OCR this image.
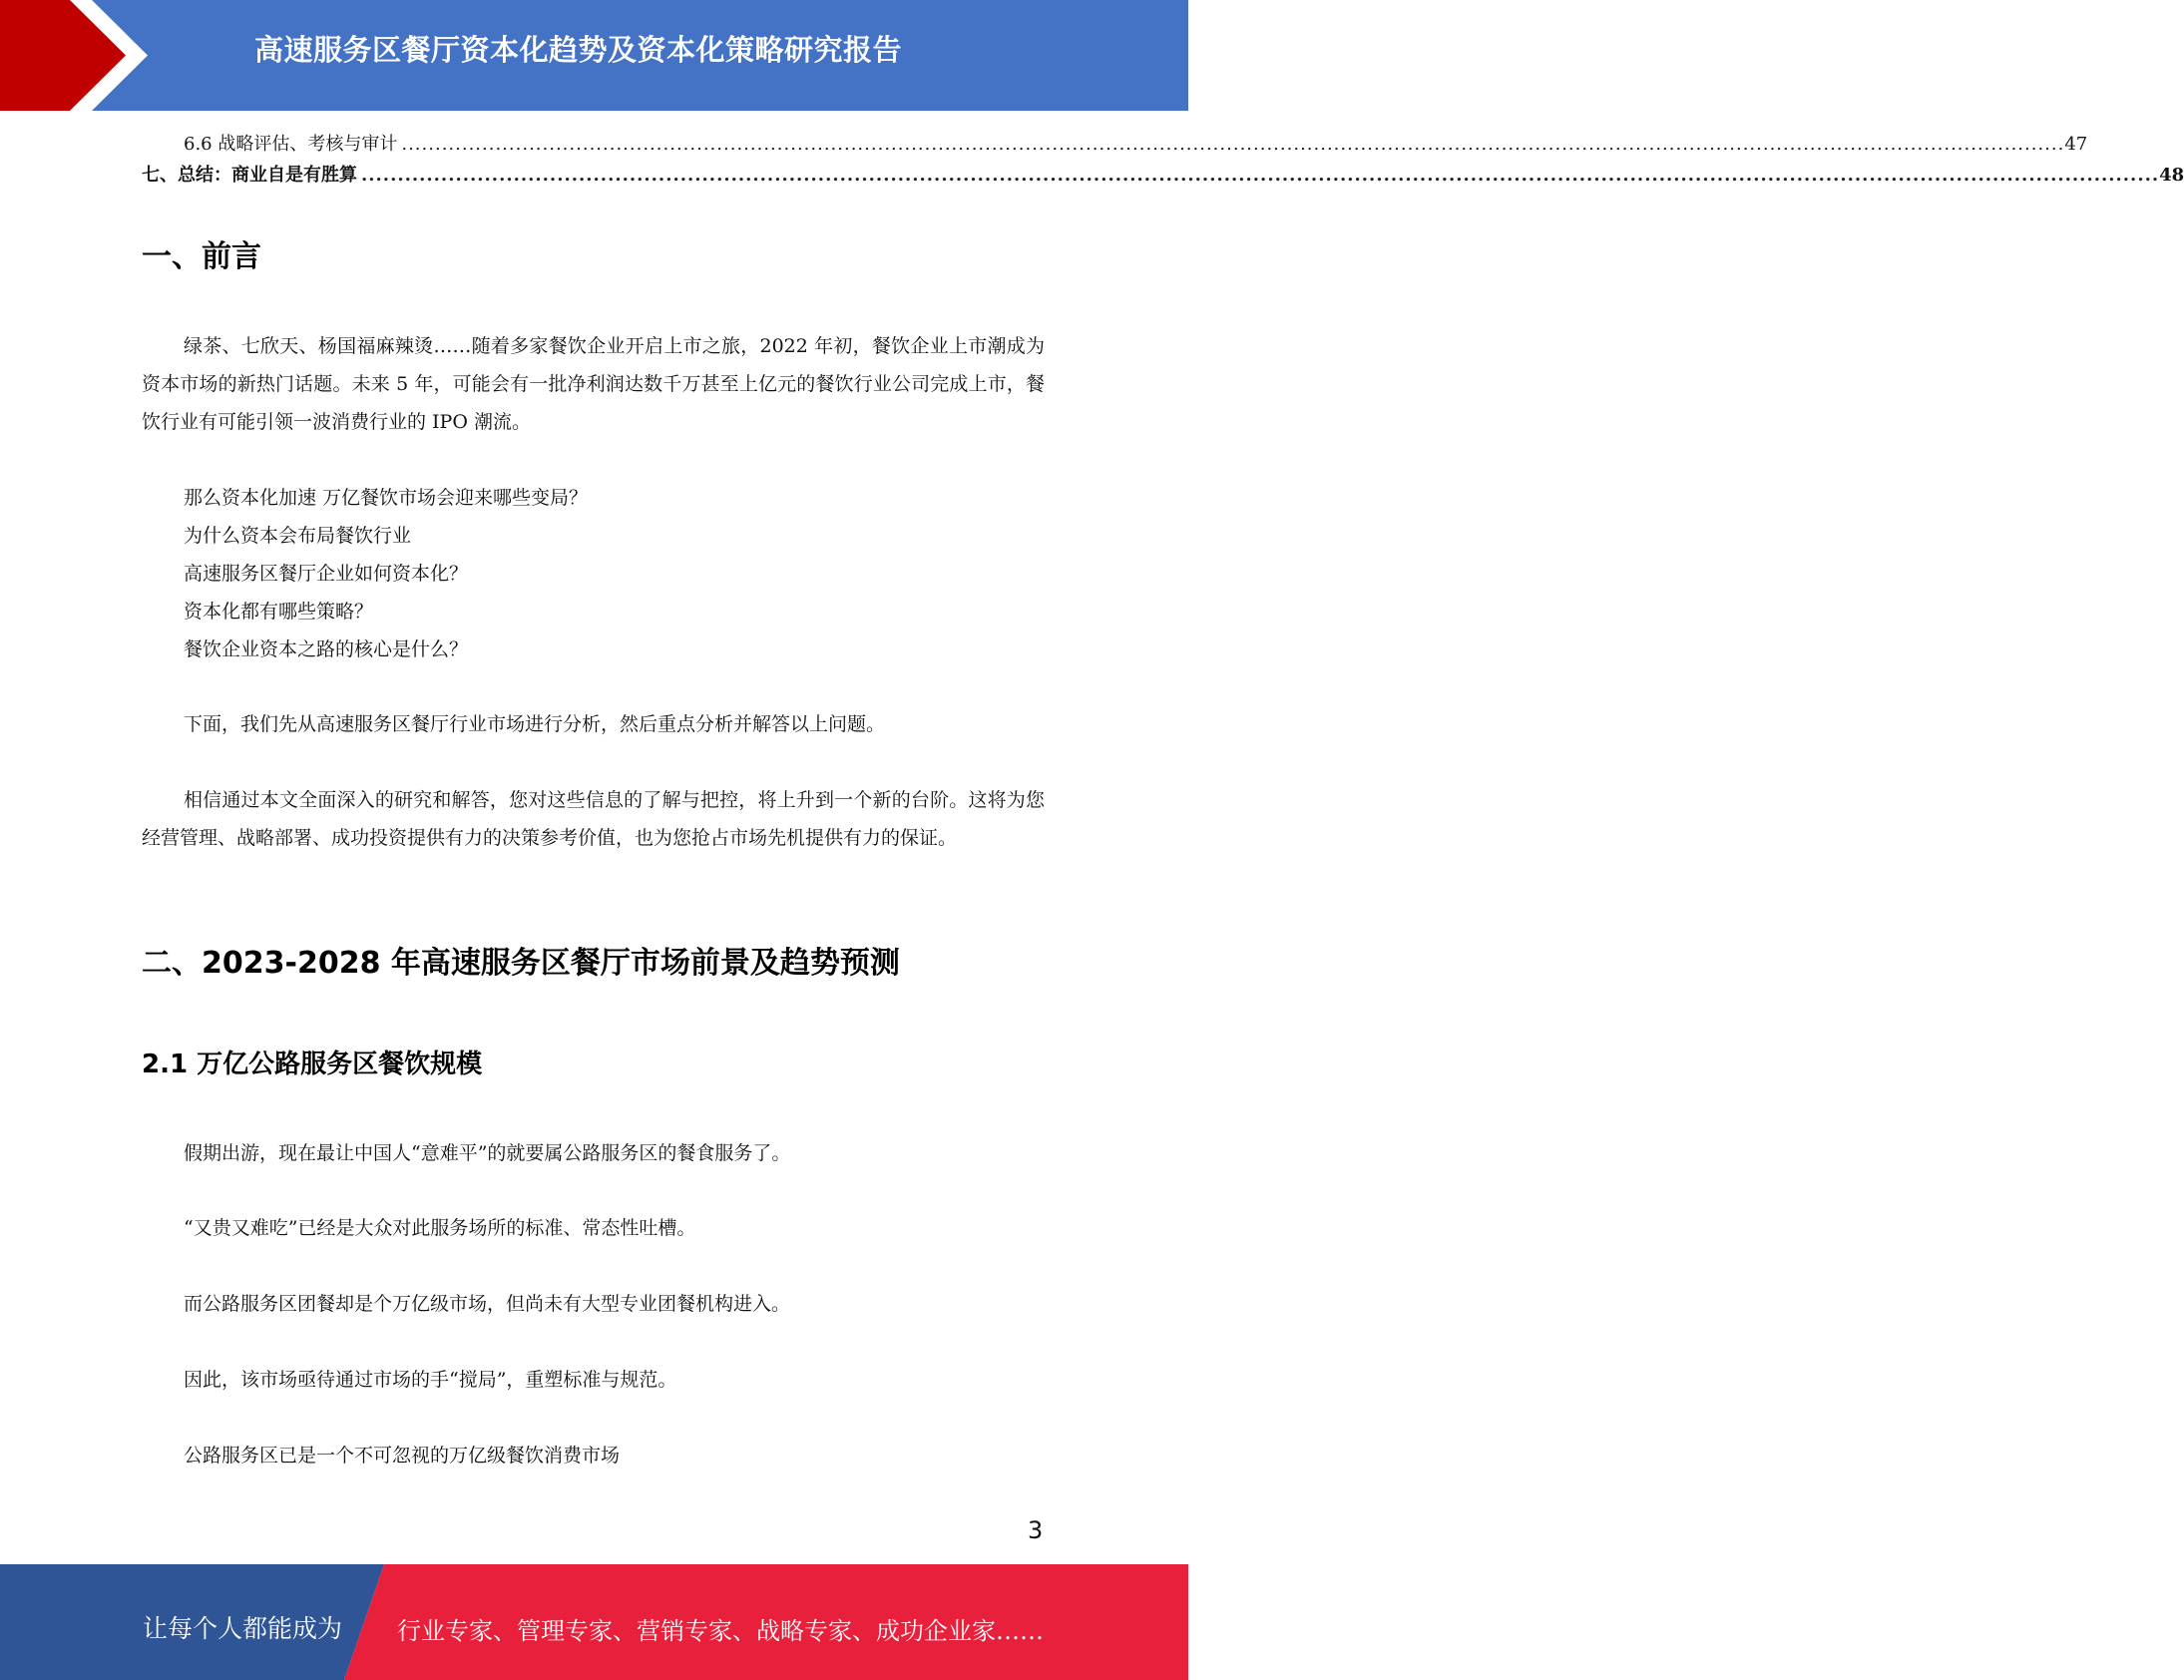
高速服务区餐厅资本化趋势及资本化策略研究报告
6.6 战略评估、考核与审计 ........................................................................................................................................................................................................................................................ 47
七、总结：商业自是有胜算 ........................................................................................................................................................................................................................................................ 48
一、前言
绿茶、七欣天、杨国福麻辣烫……随着多家餐饮企业开启上市之旅，2022 年初，餐饮企业上市潮成为资本市场的新热门话题。未来 5 年，可能会有一批净利润达数千万甚至上亿元的餐饮行业公司完成上市，餐饮行业有可能引领一波消费行业的 IPO 潮流。
那么资本化加速 万亿餐饮市场会迎来哪些变局？
为什么资本会布局餐饮行业
高速服务区餐厅企业如何资本化？
资本化都有哪些策略？
餐饮企业资本之路的核心是什么？
下面，我们先从高速服务区餐厅行业市场进行分析，然后重点分析并解答以上问题。
相信通过本文全面深入的研究和解答，您对这些信息的了解与把控，将上升到一个新的台阶。这将为您经营管理、战略部署、成功投资提供有力的决策参考价值，也为您抢占市场先机提供有力的保证。
二、2023-2028 年高速服务区餐厅市场前景及趋势预测
2.1 万亿公路服务区餐饮规模
假期出游，现在最让中国人“意难平”的就要属公路服务区的餐食服务了。
“又贵又难吃”已经是大众对此服务场所的标准、常态性吐槽。
而公路服务区团餐却是个万亿级市场，但尚未有大型专业团餐机构进入。
因此，该市场亟待通过市场的手“搅局”，重塑标准与规范。
公路服务区已是一个不可忽视的万亿级餐饮消费市场
3
让每个人都能成为 行业专家、管理专家、营销专家、战略专家、成功企业家……
